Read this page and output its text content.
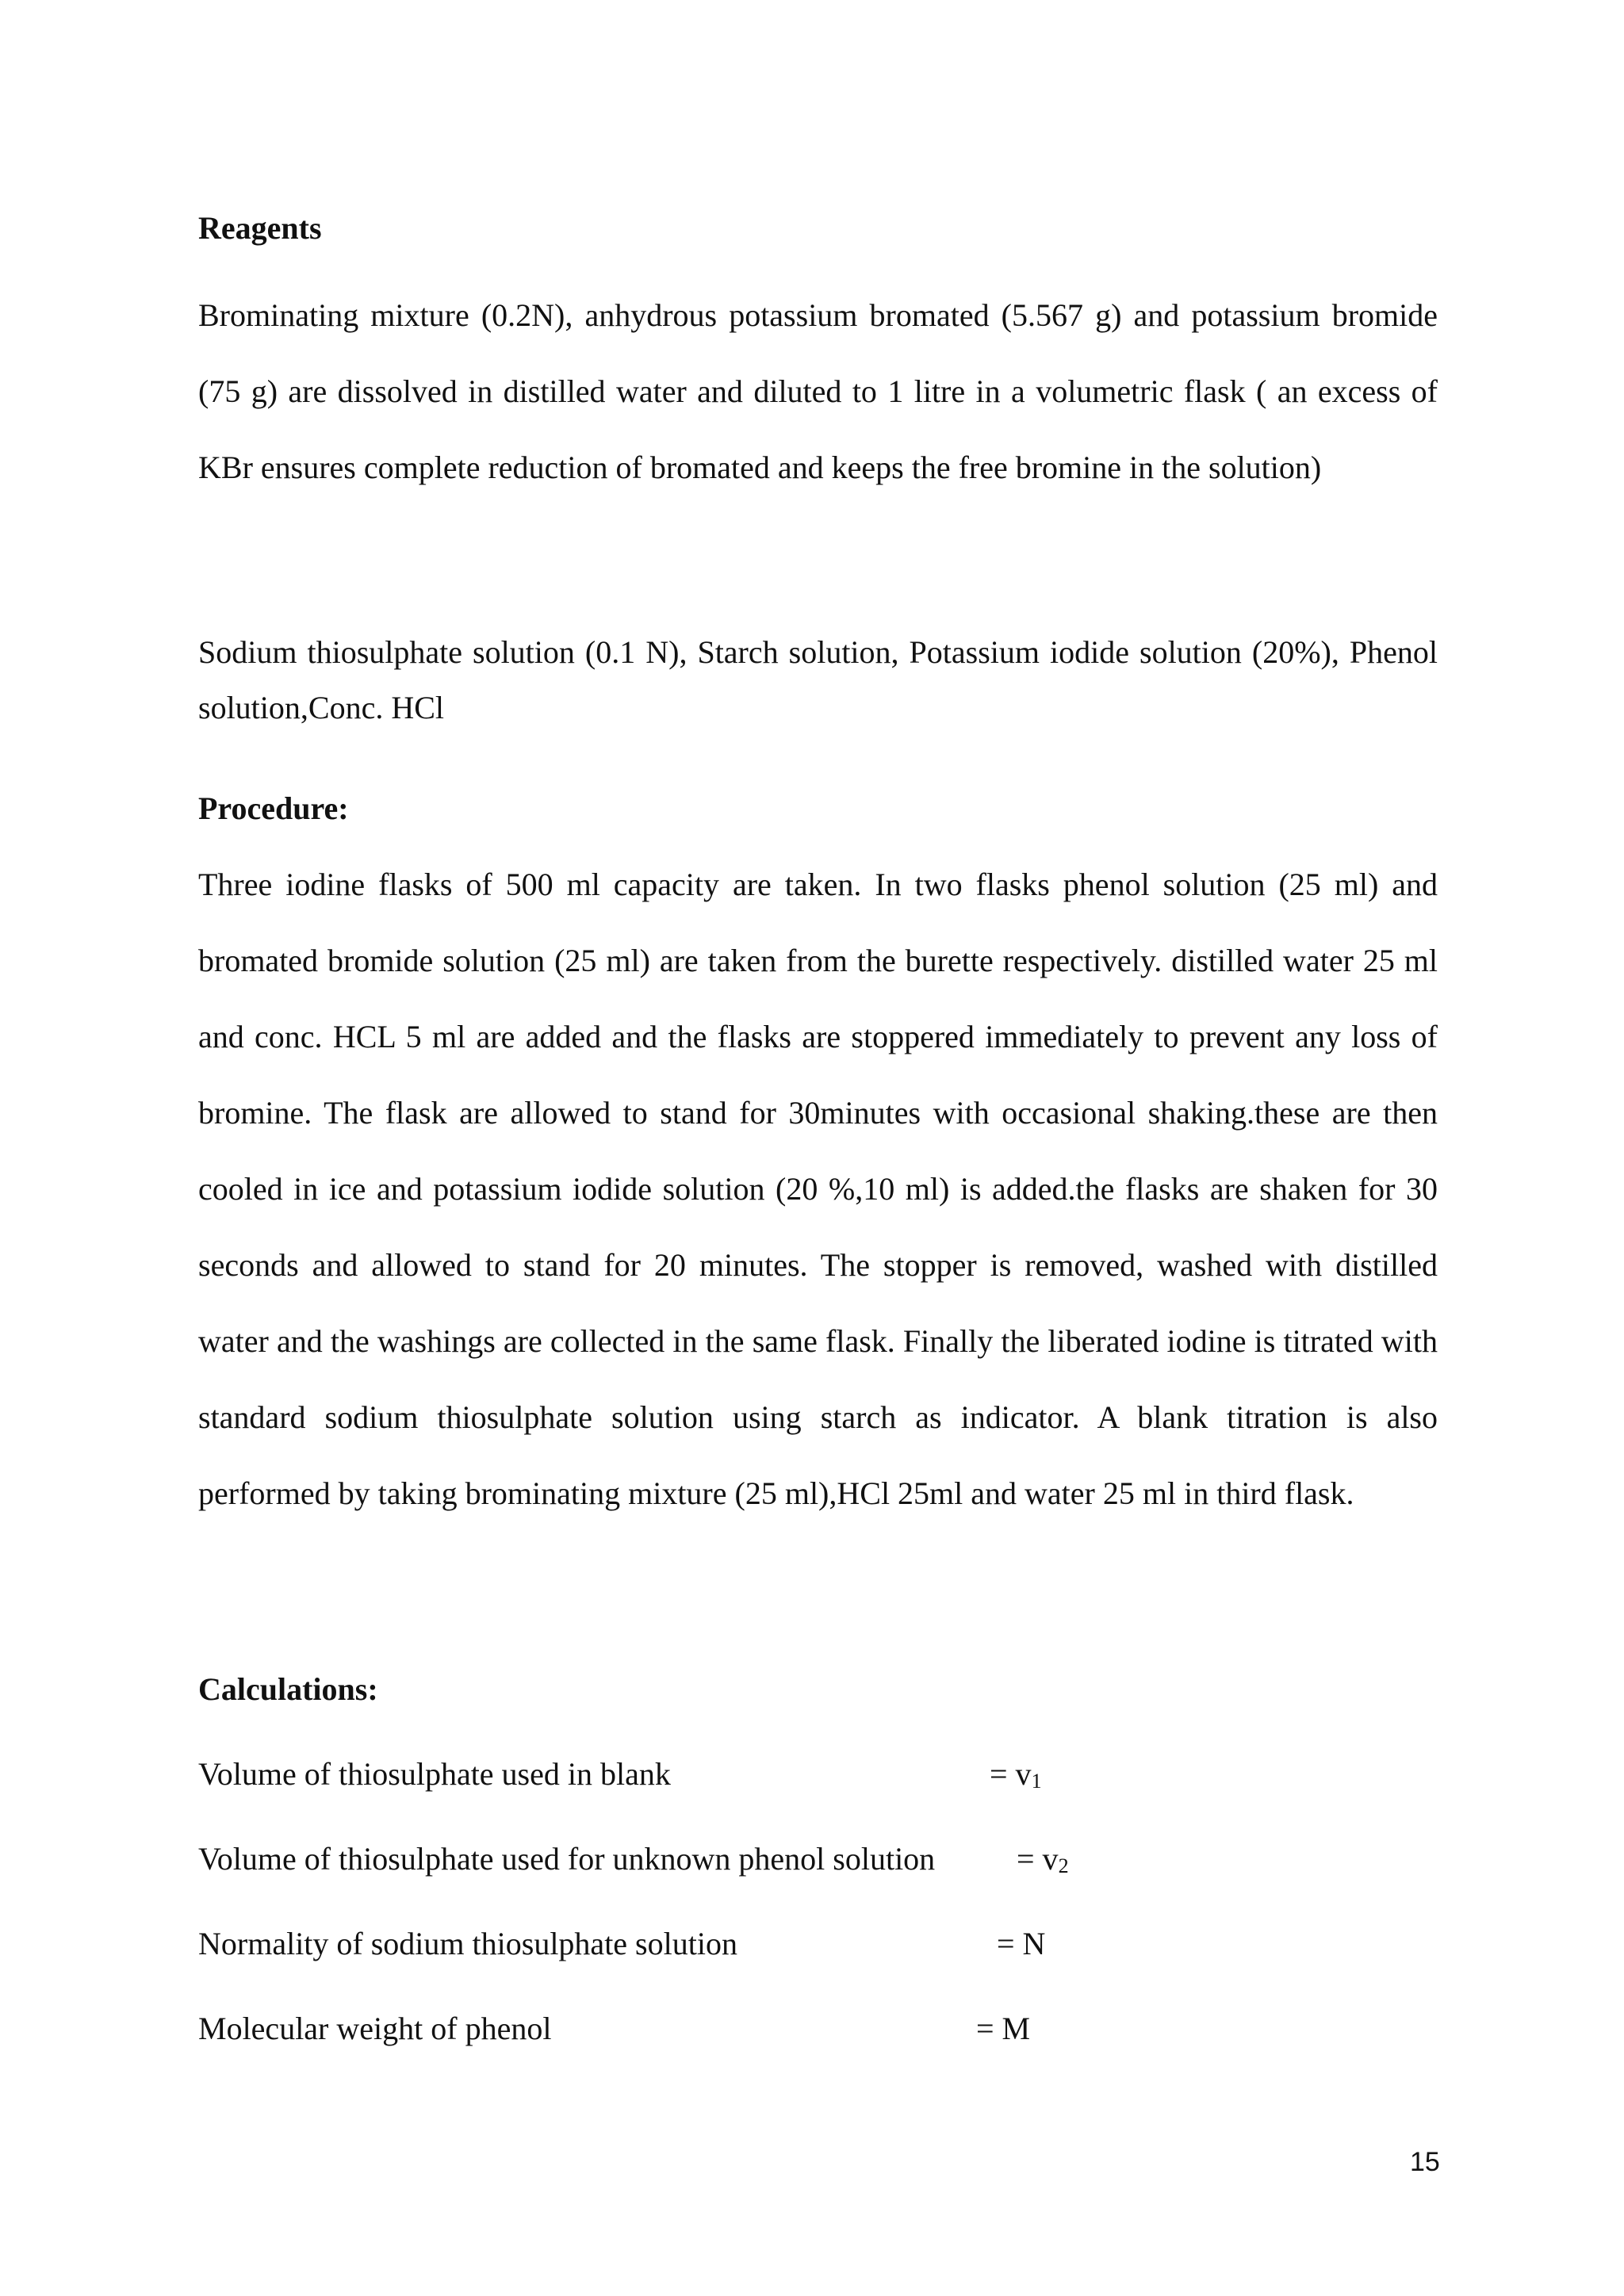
Reagents

Brominating mixture (0.2N), anhydrous potassium bromated (5.567 g) and potassium bromide (75 g) are dissolved in distilled water and diluted to 1 litre in a volumetric flask ( an excess of KBr ensures complete reduction of bromated and keeps the free bromine in the solution)

Sodium thiosulphate solution (0.1 N), Starch solution, Potassium iodide solution (20%), Phenol solution,Conc. HCl

Procedure:

Three iodine flasks of 500 ml capacity are taken. In two flasks phenol solution (25 ml) and bromated bromide solution (25 ml) are taken from the burette respectively. distilled water 25 ml and conc. HCL 5 ml are added and the flasks are stoppered immediately to prevent any loss of bromine. The flask are allowed to stand for 30minutes with occasional shaking.these are then cooled in ice and potassium iodide solution (20 %,10 ml) is added.the flasks are shaken for 30 seconds and allowed to stand for 20 minutes. The stopper is removed, washed with distilled water and the washings are collected in the same flask. Finally the liberated iodine is titrated with standard sodium thiosulphate solution using starch as indicator. A blank titration is also performed by taking brominating mixture (25 ml),HCl 25ml and water 25 ml in third flask.

Calculations:
Volume of thiosulphate used in blank	= $v_1$
Volume of thiosulphate used for unknown phenol solution	= $v_2$
Normality of sodium thiosulphate solution	= N
Molecular weight of phenol	= M
15
